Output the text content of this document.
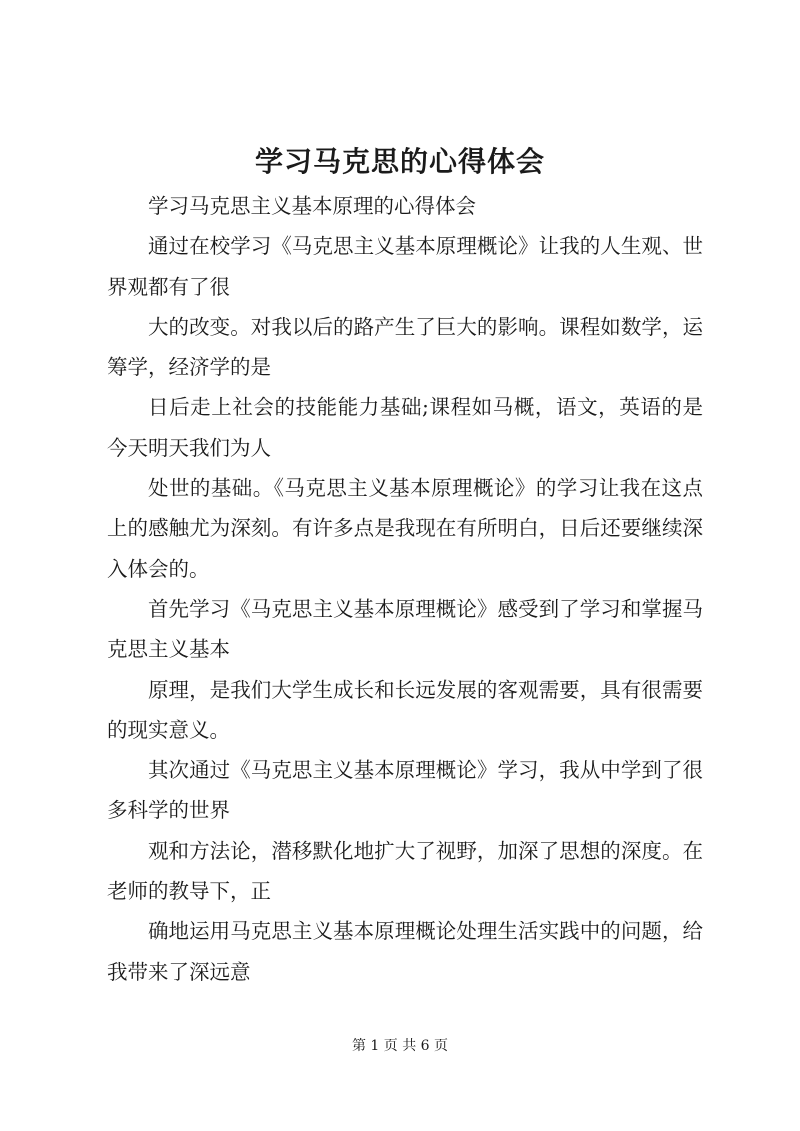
学习马克思的心得体会

学习马克思主义基本原理的心得体会

通过在校学习《马克思主义基本原理概论》让我的人生观、世界观都有了很

大的改变。对我以后的路产生了巨大的影响。课程如数学，运筹学，经济学的是

日后走上社会的技能能力基础;课程如马概，语文，英语的是今天明天我们为人

处世的基础。《马克思主义基本原理概论》的学习让我在这点上的感触尤为深刻。有许多点是我现在有所明白，日后还要继续深入体会的。

首先学习《马克思主义基本原理概论》感受到了学习和掌握马克思主义基本

原理，是我们大学生成长和长远发展的客观需要，具有很需要的现实意义。

其次通过《马克思主义基本原理概论》学习，我从中学到了很多科学的世界

观和方法论，潜移默化地扩大了视野，加深了思想的深度。在老师的教导下，正

确地运用马克思主义基本原理概论处理生活实践中的问题，给我带来了深远意

第 1 页 共 6 页
